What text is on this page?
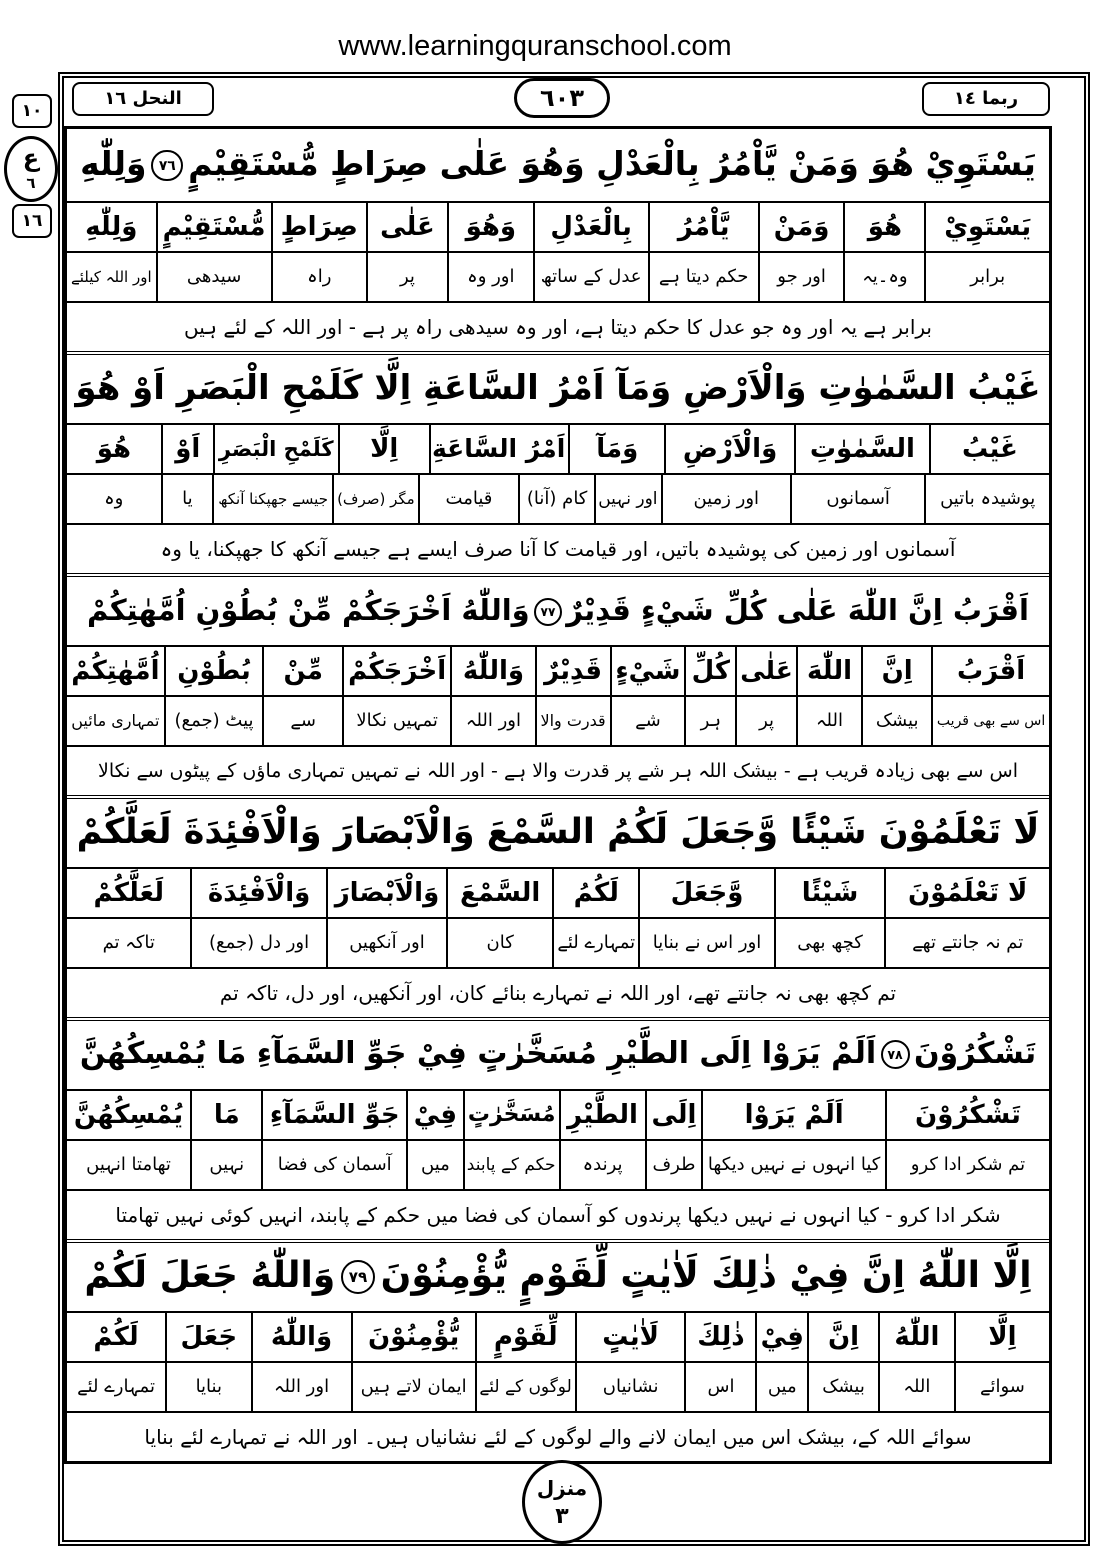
www.learningquranschool.com
النحل ١٦	٦٠٣	ربما ١٤
١٠
ع
٦
١٦
يَسْتَوِيْ هُوَ وَمَنْ يَّاْمُرُ بِالْعَدْلِ وَهُوَ عَلٰى صِرَاطٍ مُّسْتَقِيْمٍ٧٦وَلِلّٰهِ
يَسْتَوِيْ
هُوَ
وَمَنْ
يَّاْمُرُ
بِالْعَدْلِ
وَهُوَ
عَلٰى
صِرَاطٍ
مُّسْتَقِيْمٍ
وَلِلّٰهِ
برابر
وہ۔یہ
اور جو
حکم دیتا ہے
عدل کے ساتھ
اور وہ
پر
راہ
سیدھی
اور اللہ کیلئے
برابر ہے یہ اور وہ جو عدل کا حکم دیتا ہے، اور وہ سیدھی راہ پر ہے - اور اللہ کے لئے ہیں
غَيْبُ السَّمٰوٰتِ وَالْاَرْضِ وَمَآ اَمْرُ السَّاعَةِ اِلَّا كَلَمْحِ الْبَصَرِ اَوْ هُوَ
غَيْبُ
السَّمٰوٰتِ
وَالْاَرْضِ
وَمَآ
اَمْرُ السَّاعَةِ
اِلَّا
كَلَمْحِ الْبَصَرِ
اَوْ
هُوَ
پوشیدہ باتیں
آسمانوں
اور زمین
اور نہیں
کام (آنا)
قیامت
مگر (صرف)
جیسے جھپکنا آنکھ
یا
وہ
آسمانوں اور زمین کی پوشیدہ باتیں، اور قیامت کا آنا صرف ایسے ہے جیسے آنکھ کا جھپکنا، یا وہ
اَقْرَبُ اِنَّ اللّٰهَ عَلٰى كُلِّ شَيْءٍ قَدِيْرٌ٧٧وَاللّٰهُ اَخْرَجَكُمْ مِّنْ بُطُوْنِ اُمَّهٰتِكُمْ
اَقْرَبُ
اِنَّ
اللّٰهَ
عَلٰى
كُلِّ
شَيْءٍ
قَدِيْرٌ
وَاللّٰهُ
اَخْرَجَكُمْ
مِّنْ
بُطُوْنِ
اُمَّهٰتِكُمْ
اس سے بھی قریب
بیشک
اللہ
پر
ہر
شے
قدرت والا
اور اللہ
تمہیں نکالا
سے
پیٹ (جمع)
تمہاری مائیں
اس سے بھی زیادہ قریب ہے - بیشک اللہ ہر شے پر قدرت والا ہے - اور اللہ نے تمہیں تمہاری ماؤں کے پیٹوں سے نکالا
لَا تَعْلَمُوْنَ شَيْئًا وَّجَعَلَ لَكُمُ السَّمْعَ وَالْاَبْصَارَ وَالْاَفْئِدَةَ لَعَلَّكُمْ
لَا تَعْلَمُوْنَ
شَيْئًا
وَّجَعَلَ
لَكُمُ
السَّمْعَ
وَالْاَبْصَارَ
وَالْاَفْئِدَةَ
لَعَلَّكُمْ
تم نہ جانتے تھے
کچھ بھی
اور اس نے بنایا
تمہارے لئے
کان
اور آنکھیں
اور دل (جمع)
تاکہ تم
تم کچھ بھی نہ جانتے تھے، اور اللہ نے تمہارے بنائے کان، اور آنکھیں، اور دل، تاکہ تم
تَشْكُرُوْنَ٧٨اَلَمْ يَرَوْا اِلَى الطَّيْرِ مُسَخَّرٰتٍ فِيْ جَوِّ السَّمَآءِ مَا يُمْسِكُهُنَّ
تَشْكُرُوْنَ
اَلَمْ يَرَوْا
اِلَى
الطَّيْرِ
مُسَخَّرٰتٍ
فِيْ
جَوِّ السَّمَآءِ
مَا
يُمْسِكُهُنَّ
تم شکر ادا کرو
کیا انہوں نے نہیں دیکھا
طرف
پرندہ
حکم کے پابند
میں
آسمان کی فضا
نہیں
تھامتا انہیں
شکر ادا کرو - کیا انہوں نے نہیں دیکھا پرندوں کو آسمان کی فضا میں حکم کے پابند، انہیں کوئی نہیں تھامتا
اِلَّا اللّٰهُ اِنَّ فِيْ ذٰلِكَ لَاٰيٰتٍ لِّقَوْمٍ يُّؤْمِنُوْنَ٧٩وَاللّٰهُ جَعَلَ لَكُمْ
اِلَّا
اللّٰهُ
اِنَّ
فِيْ
ذٰلِكَ
لَاٰيٰتٍ
لِّقَوْمٍ
يُّؤْمِنُوْنَ
وَاللّٰهُ
جَعَلَ
لَكُمْ
سوائے
اللہ
بیشک
میں
اس
نشانیاں
لوگوں کے لئے
ایمان لاتے ہیں
اور اللہ
بنایا
تمہارے لئے
سوائے اللہ کے، بیشک اس میں ایمان لانے والے لوگوں کے لئے نشانیاں ہیں۔ اور اللہ نے تمہارے لئے بنایا
منزل
٣
